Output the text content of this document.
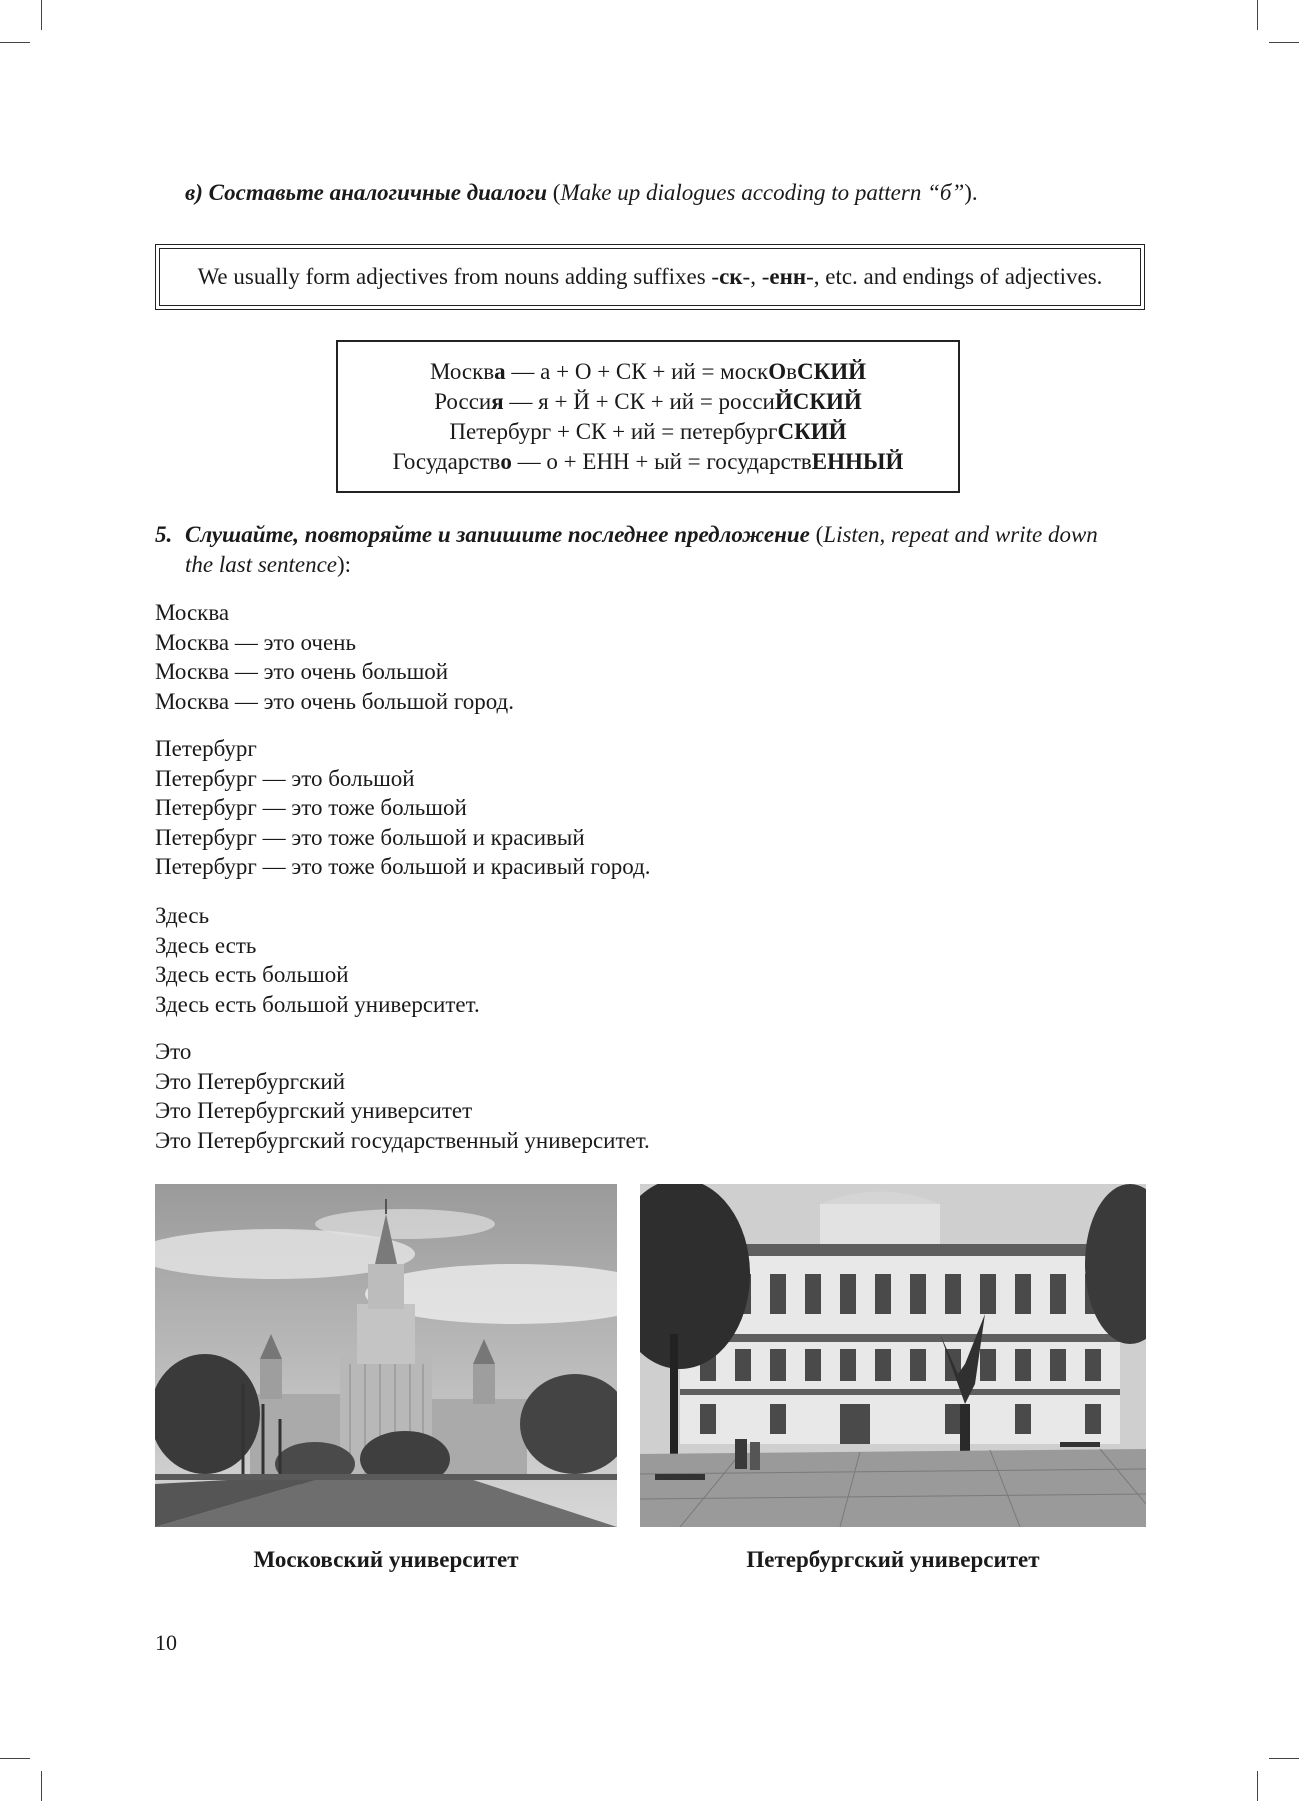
в) Составьте аналогичные диалоги (Make up dialogues accoding to pattern “б”).
We usually form adjectives from nouns adding suffixes - ск -, - енн -, etc. and endings of adjectives.
Москва — а + О + СК + ий = москОвСКИЙ
Россия — я + Й + СК + ий = россиЙСКИЙ
Петербург + СК + ий = петербургСКИЙ
Государство — о + ЕНН + ый = государствЕННЫЙ
5. Слушайте, повторяйте и запишите последнее предложение (Listen, repeat and write down
the last sentence):
Москва
Москва — это очень
Москва — это очень большой
Москва — это очень большой город.
Петербург
Петербург — это большой
Петербург — это тоже большой
Петербург — это тоже большой и красивый
Петербург — это тоже большой и красивый город.
Здесь
Здесь есть
Здесь есть большой
Здесь есть большой университет.
Это
Это Петербургский
Это Петербургский университет
Это Петербургский государственный университет.
Московский университет	Петербургский университет
10
